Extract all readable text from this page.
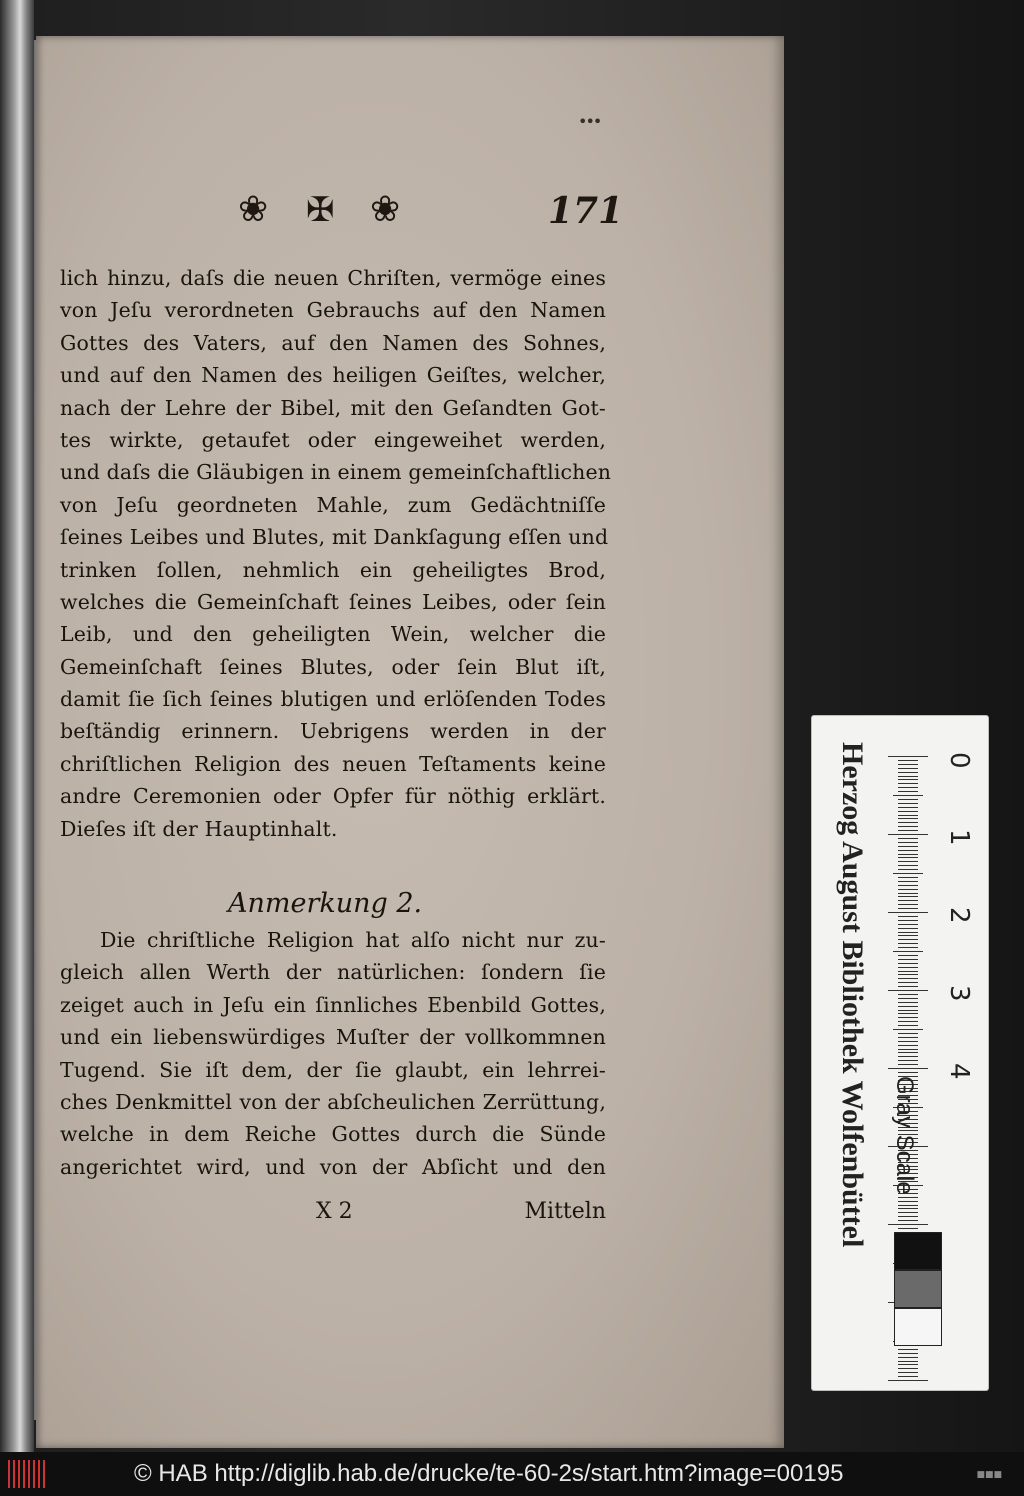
•••
❀ ✠ ❀	171
lich hinzu, daſs die neuen Chriſten, vermöge eines
von Jeſu verordneten Gebrauchs auf den Namen
Gottes des Vaters, auf den Namen des Sohnes,
und auf den Namen des heiligen Geiſtes, welcher,
nach der Lehre der Bibel, mit den Geſandten Got-
tes wirkte, getaufet oder eingeweihet werden,
und daſs die Gläubigen in einem gemeinſchaftlichen
von Jeſu geordneten Mahle, zum Gedächtniſſe
ſeines Leibes und Blutes, mit Dankſagung eſſen und
trinken ſollen, nehmlich ein geheiligtes Brod,
welches die Gemeinſchaft ſeines Leibes, oder ſein
Leib, und den geheiligten Wein, welcher die
Gemeinſchaft ſeines Blutes, oder ſein Blut iſt,
damit ſie ſich ſeines blutigen und erlöſenden Todes
beſtändig erinnern. Uebrigens werden in der
chriſtlichen Religion des neuen Teſtaments keine
andre Ceremonien oder Opfer für nöthig erklärt.
Dieſes iſt der Hauptinhalt.
Anmerkung 2.
Die chriſtliche Religion hat alſo nicht nur zu-
gleich allen Werth der natürlichen: ſondern ſie
zeiget auch in Jeſu ein ſinnliches Ebenbild Gottes,
und ein liebenswürdiges Muſter der vollkommnen
Tugend. Sie iſt dem, der ſie glaubt, ein lehrrei-
ches Denkmittel von der abſcheulichen Zerrüttung,
welche in dem Reiche Gottes durch die Sünde
angerichtet wird, und von der Abſicht und den
X 2	Mitteln
0
1
2
3
4
Gray Scale
Herzog August Bibliothek Wolfenbüttel
© HAB http://diglib.hab.de/drucke/te-60-2s/start.htm?image=00195	■■■
